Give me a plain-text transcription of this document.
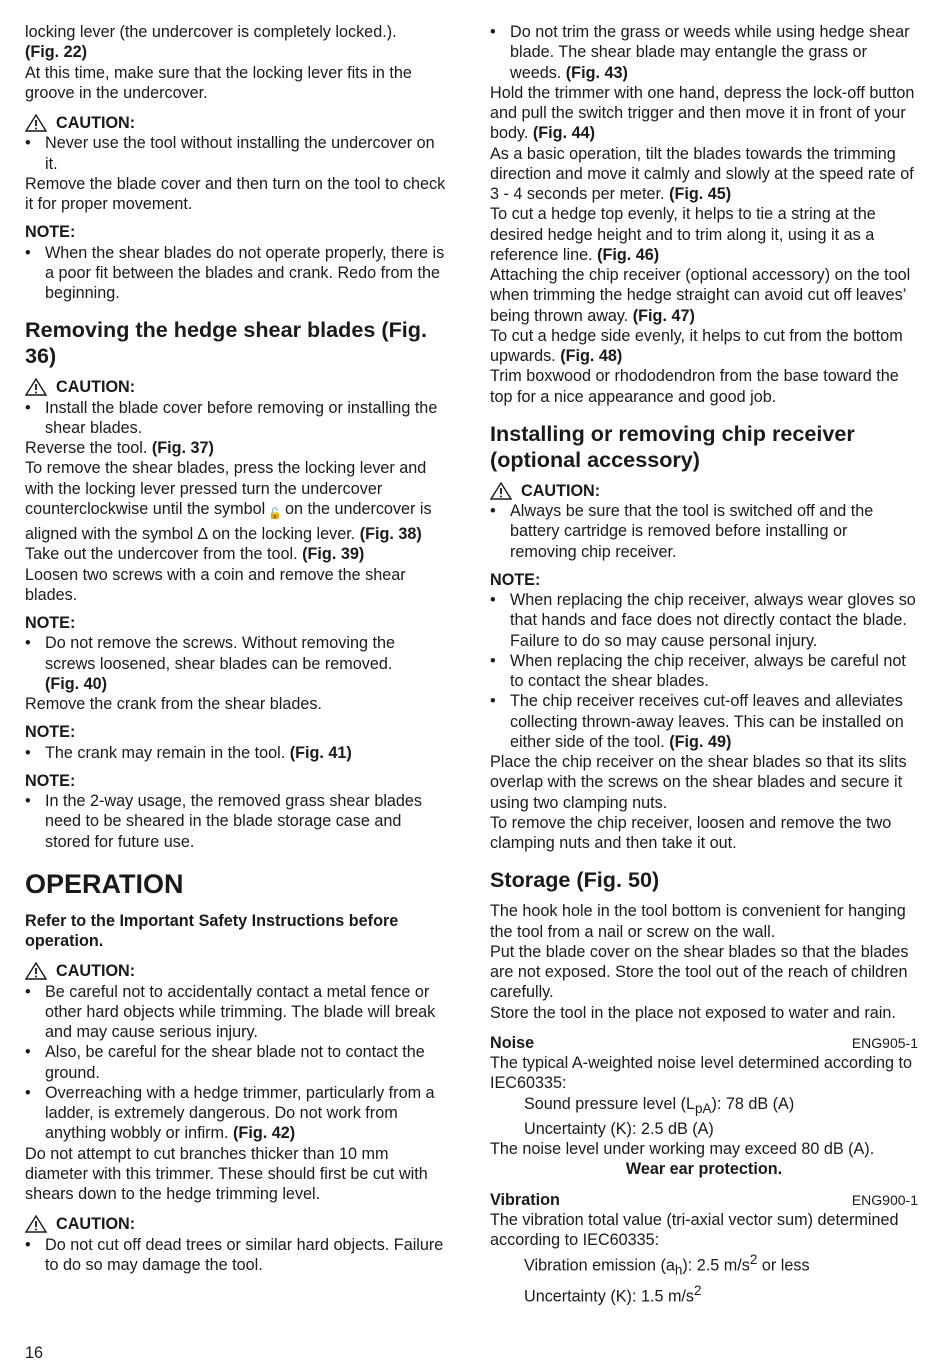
locking lever (the undercover is completely locked.).
(Fig. 22)

At this time, make sure that the locking lever fits in the groove in the undercover.

CAUTION:

• Never use the tool without installing the undercover on it.

Remove the blade cover and then turn on the tool to check it for proper movement.

NOTE:

• When the shear blades do not operate properly, there is a poor fit between the blades and crank. Redo from the beginning.

Removing the hedge shear blades (Fig. 36)
CAUTION:

• Install the blade cover before removing or installing the shear blades.

Reverse the tool. (Fig. 37)

To remove the shear blades, press the locking lever and with the locking lever pressed turn the undercover counterclockwise until the symbol 🔓 on the undercover is aligned with the symbol ∆ on the locking lever. (Fig. 38)

Take out the undercover from the tool. (Fig. 39)

Loosen two screws with a coin and remove the shear blades.

NOTE:

• Do not remove the screws. Without removing the screws loosened, shear blades can be removed.
(Fig. 40)

Remove the crank from the shear blades.

NOTE:

• The crank may remain in the tool. (Fig. 41)

NOTE:

• In the 2-way usage, the removed grass shear blades need to be sheared in the blade storage case and stored for future use.

OPERATION

Refer to the Important Safety Instructions before operation.

CAUTION:

• Be careful not to accidentally contact a metal fence or other hard objects while trimming. The blade will break and may cause serious injury.

• Also, be careful for the shear blade not to contact the ground.

• Overreaching with a hedge trimmer, particularly from a ladder, is extremely dangerous. Do not work from anything wobbly or infirm. (Fig. 42)

Do not attempt to cut branches thicker than 10 mm diameter with this trimmer. These should first be cut with shears down to the hedge trimming level.

CAUTION:

• Do not cut off dead trees or similar hard objects. Failure to do so may damage the tool.

• Do not trim the grass or weeds while using hedge shear blade. The shear blade may entangle the grass or weeds. (Fig. 43)

Hold the trimmer with one hand, depress the lock-off button and pull the switch trigger and then move it in front of your body. (Fig. 44)

As a basic operation, tilt the blades towards the trimming direction and move it calmly and slowly at the speed rate of 3 - 4 seconds per meter. (Fig. 45)

To cut a hedge top evenly, it helps to tie a string at the desired hedge height and to trim along it, using it as a reference line. (Fig. 46)

Attaching the chip receiver (optional accessory) on the tool when trimming the hedge straight can avoid cut off leaves’ being thrown away. (Fig. 47)

To cut a hedge side evenly, it helps to cut from the bottom upwards. (Fig. 48)

Trim boxwood or rhododendron from the base toward the top for a nice appearance and good job.

Installing or removing chip receiver (optional accessory)
CAUTION:

• Always be sure that the tool is switched off and the battery cartridge is removed before installing or removing chip receiver.

NOTE:

• When replacing the chip receiver, always wear gloves so that hands and face does not directly contact the blade. Failure to do so may cause personal injury.

• When replacing the chip receiver, always be careful not to contact the shear blades.

• The chip receiver receives cut-off leaves and alleviates collecting thrown-away leaves. This can be installed on either side of the tool. (Fig. 49)

Place the chip receiver on the shear blades so that its slits overlap with the screws on the shear blades and secure it using two clamping nuts.

To remove the chip receiver, loosen and remove the two clamping nuts and then take it out.

Storage (Fig. 50)

The hook hole in the tool bottom is convenient for hanging the tool from a nail or screw on the wall.

Put the blade cover on the shear blades so that the blades are not exposed. Store the tool out of the reach of children carefully.

Store the tool in the place not exposed to water and rain.

Noise	ENG905-1

The typical A-weighted noise level determined according to IEC60335:

Sound pressure level $(L_{pA})$: 78 dB (A)

Uncertainty (K): 2.5 dB (A)

The noise level under working may exceed 80 dB (A).

Wear ear protection.

Vibration	ENG900-1

The vibration total value (tri-axial vector sum) determined according to IEC60335:

Vibration emission $(a_h)$: 2.5 $m/s^2$ or less

Uncertainty (K): 1.5 $m/s^2$

16
